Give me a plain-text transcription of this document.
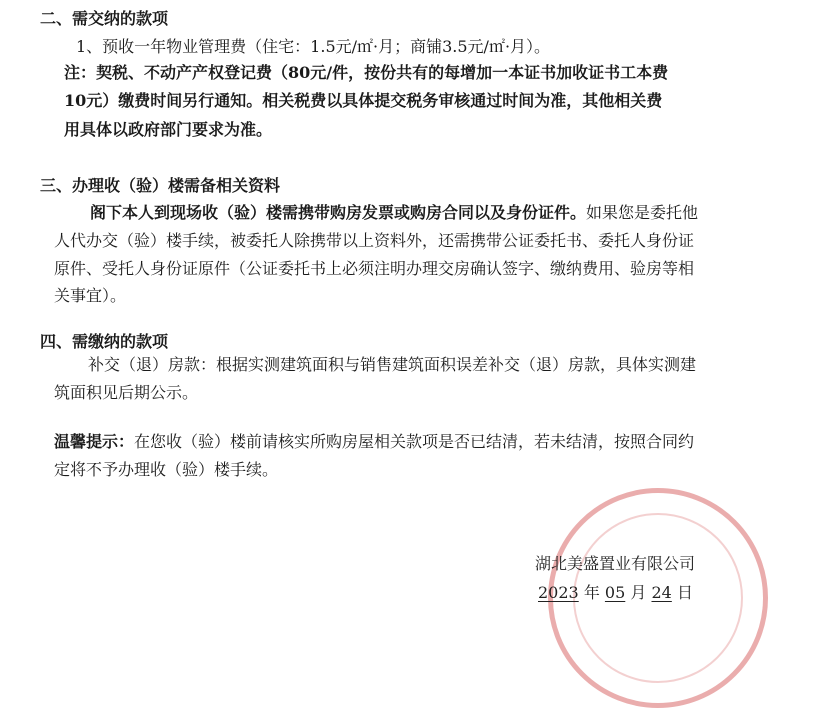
二、需交纳的款项
1、预收一年物业管理费（住宅：1.5元/㎡·月；商铺3.5元/㎡·月）。
注：契税、不动产产权登记费（80元/件，按份共有的每增加一本证书加收证书工本费
10元）缴费时间另行通知。相关税费以具体提交税务审核通过时间为准，其他相关费
用具体以政府部门要求为准。
三、办理收（验）楼需备相关资料
阁下本人到现场收（验）楼需携带购房发票或购房合同以及身份证件。如果您是委托他
人代办交（验）楼手续，被委托人除携带以上资料外，还需携带公证委托书、委托人身份证
原件、受托人身份证原件（公证委托书上必须注明办理交房确认签字、缴纳费用、验房等相
关事宜）。
四、需缴纳的款项
补交（退）房款：根据实测建筑面积与销售建筑面积误差补交（退）房款，具体实测建
筑面积见后期公示。
温馨提示：在您收（验）楼前请核实所购房屋相关款项是否已结清，若未结清，按照合同约
定将不予办理收（验）楼手续。
湖北美盛置业有限公司
2023 年 05 月 24 日
